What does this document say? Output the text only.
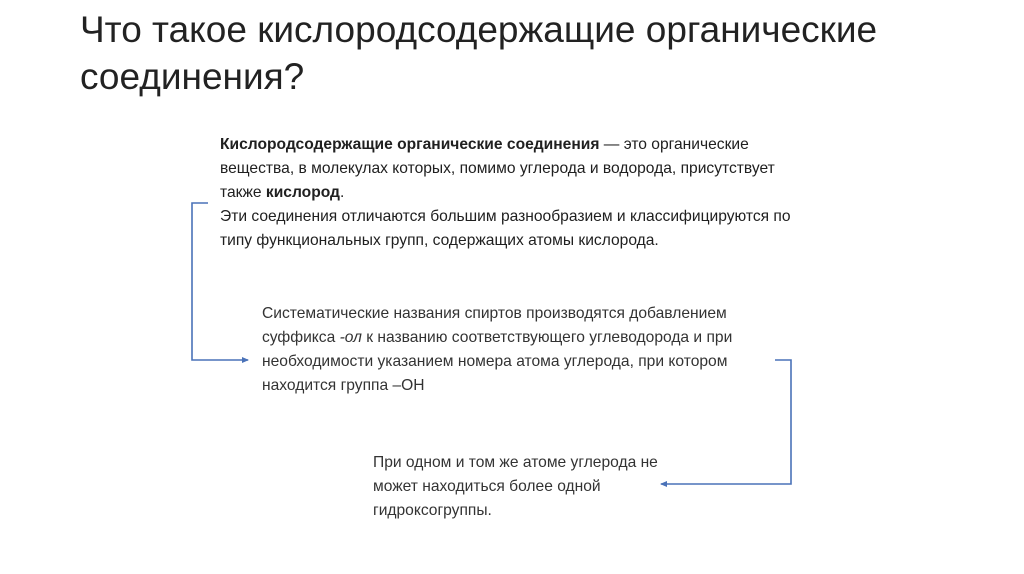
Что такое кислородсодержащие органические соединения?
Кислородсодержащие органические соединения — это органические вещества, в молекулах которых, помимо углерода и водорода, присутствует также кислород.
Эти соединения отличаются большим разнообразием и классифицируются по типу функциональных групп, содержащих атомы кислорода.
Систематические названия спиртов производятся добавлением суффикса -ол к названию соответствующего углеводорода и при необходимости указанием номера атома углерода, при котором находится группа –ОН
При одном и том же атоме углерода не может находиться более одной гидроксогруппы.
